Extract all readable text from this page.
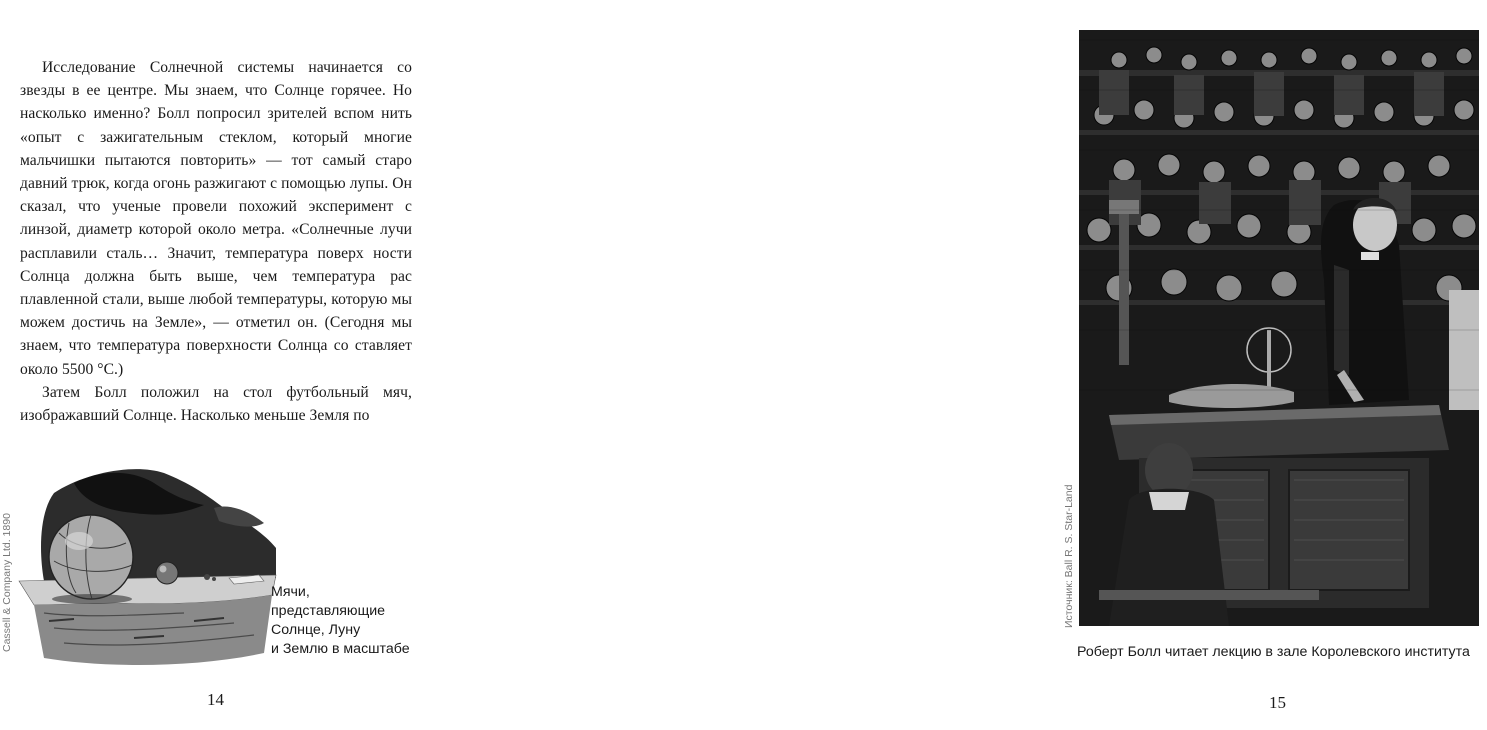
Исследование Солнечной системы начинается со звезды в ее центре. Мы знаем, что Солнце горячее. Но насколько именно? Болл попросил зрителей вспом нить «опыт с зажигательным стеклом, который многие мальчишки пытаются повторить» — тот самый старо давний трюк, когда огонь разжигают с помощью лупы. Он сказал, что ученые провели похожий эксперимент с линзой, диаметр которой около метра. «Солнечные лучи расплавили сталь… Значит, температура поверх ности Солнца должна быть выше, чем температура рас плавленной стали, выше любой температуры, которую мы можем достичь на Земле», — отметил он. (Сегодня мы знаем, что температура поверхности Солнца со ставляет около 5500 °С.)

Затем Болл положил на стол футбольный мяч, изображавший Солнце. Насколько меньше Земля по

Cassell & Company Ltd. 1890	Мячи,
представляющие
Солнце, Луну
и Землю в масштабе
14
Источник: Ball R. S. Star-Land
Роберт Болл читает лекцию в зале Королевского института
15
